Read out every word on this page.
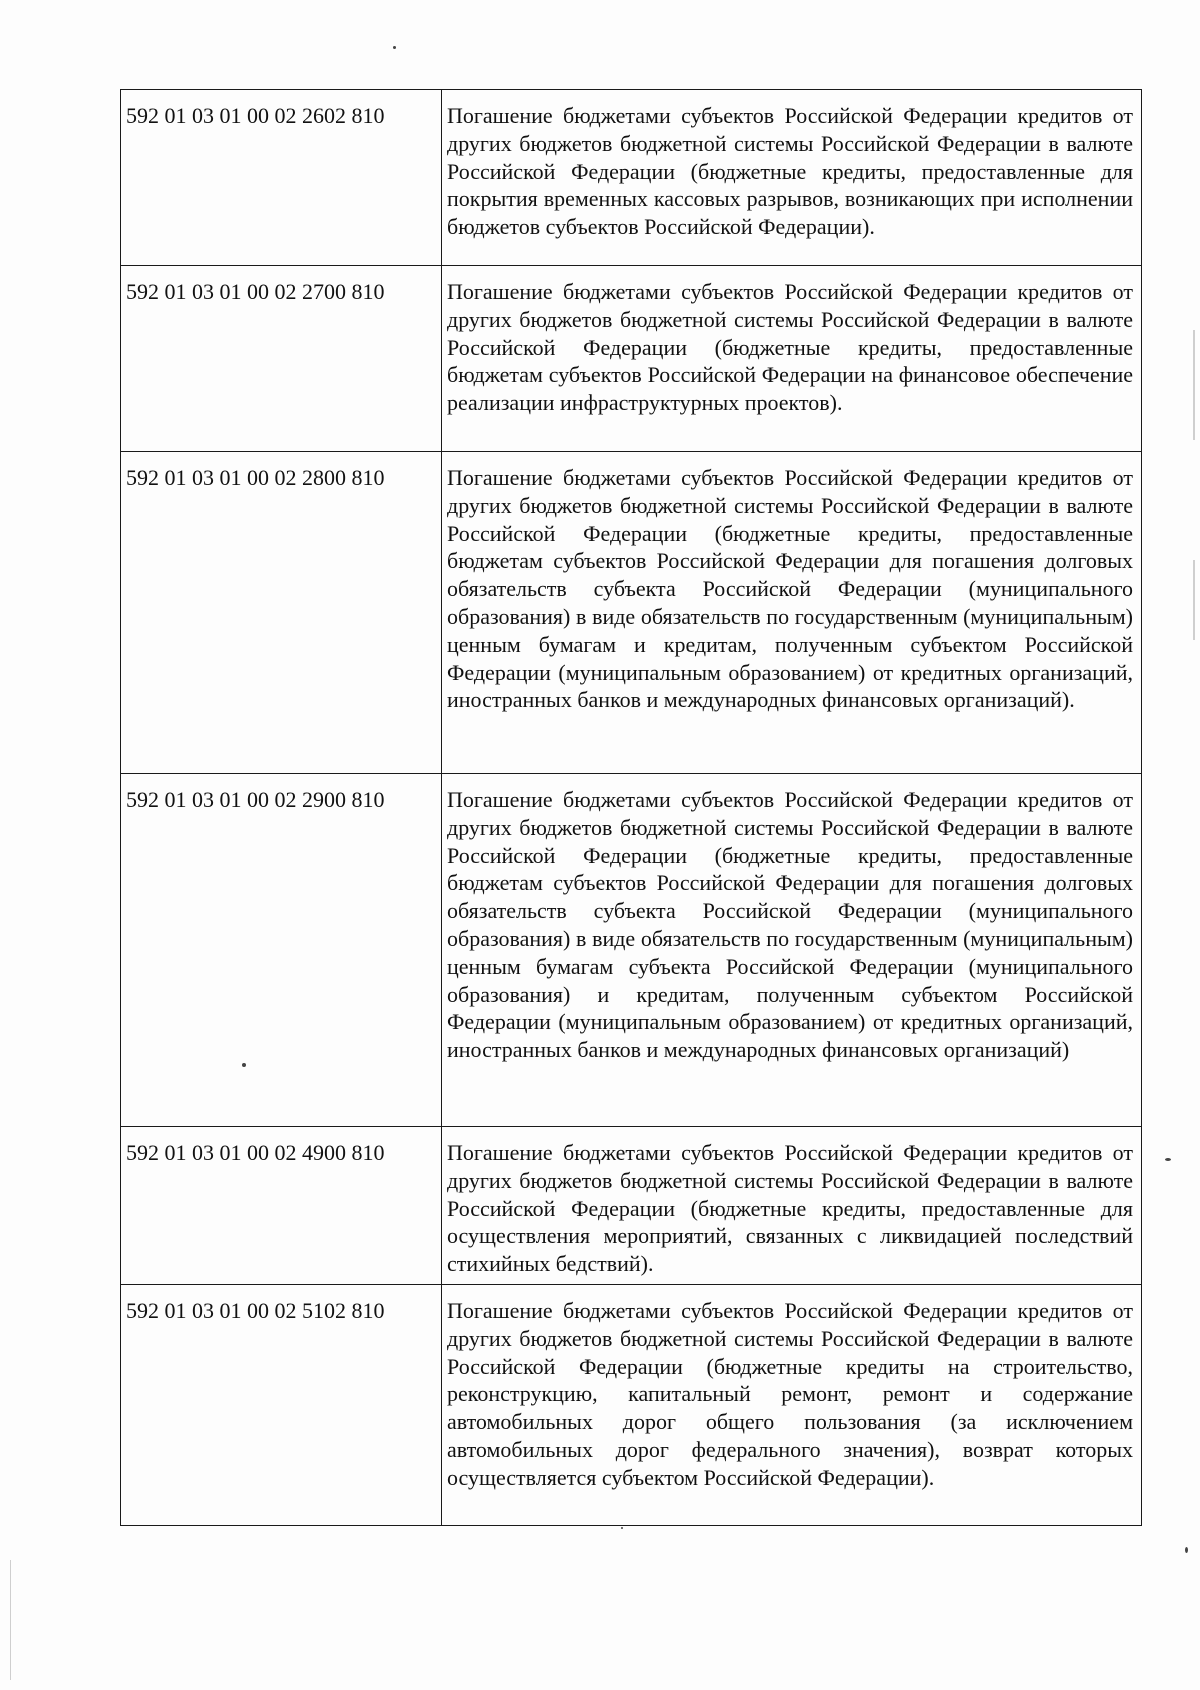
592 01 03 01 00 02 2602 810	Погашение бюджетами субъектов Российской Федерации кредитов от других бюджетов бюджетной системы Российской Федерации в валюте Российской Федерации (бюджетные кредиты, предоставленные для покрытия временных кассовых разрывов, возникающих при исполнении бюджетов субъектов Российской Федерации).

592 01 03 01 00 02 2700 810	Погашение бюджетами субъектов Российской Федерации кредитов от других бюджетов бюджетной системы Российской Федерации в валюте Российской Федерации (бюджетные кредиты, предоставленные бюджетам субъектов Российской Федерации на финансовое обеспечение реализации инфраструктурных проектов).

592 01 03 01 00 02 2800 810	Погашение бюджетами субъектов Российской Федерации кредитов от других бюджетов бюджетной системы Российской Федерации в валюте Российской Федерации (бюджетные кредиты, предоставленные бюджетам субъектов Российской Федерации для погашения долговых обязательств субъекта Российской Федерации (муниципального образования) в виде обязательств по государственным (муниципальным) ценным бумагам и кредитам, полученным субъектом Российской Федерации (муниципальным образованием) от кредитных организаций, иностранных банков и международных финансовых организаций).

592 01 03 01 00 02 2900 810	Погашение бюджетами субъектов Российской Федерации кредитов от других бюджетов бюджетной системы Российской Федерации в валюте Российской Федерации (бюджетные кредиты, предоставленные бюджетам субъектов Российской Федерации для погашения долговых обязательств субъекта Российской Федерации (муниципального образования) в виде обязательств по государственным (муниципальным) ценным бумагам субъекта Российской Федерации (муниципального образования) и кредитам, полученным субъектом Российской Федерации (муниципальным образованием) от кредитных организаций, иностранных банков и международных финансовых организаций)

592 01 03 01 00 02 4900 810	Погашение бюджетами субъектов Российской Федерации кредитов от других бюджетов бюджетной системы Российской Федерации в валюте Российской Федерации (бюджетные кредиты, предоставленные для осуществления мероприятий, связанных с ликвидацией последствий стихийных бедствий).

592 01 03 01 00 02 5102 810	Погашение бюджетами субъектов Российской Федерации кредитов от других бюджетов бюджетной системы Российской Федерации в валюте Российской Федерации (бюджетные кредиты на строительство, реконструкцию, капитальный ремонт, ремонт и содержание автомобильных дорог общего пользования (за исключением автомобильных дорог федерального значения), возврат которых осуществляется субъектом Российской Федерации).
